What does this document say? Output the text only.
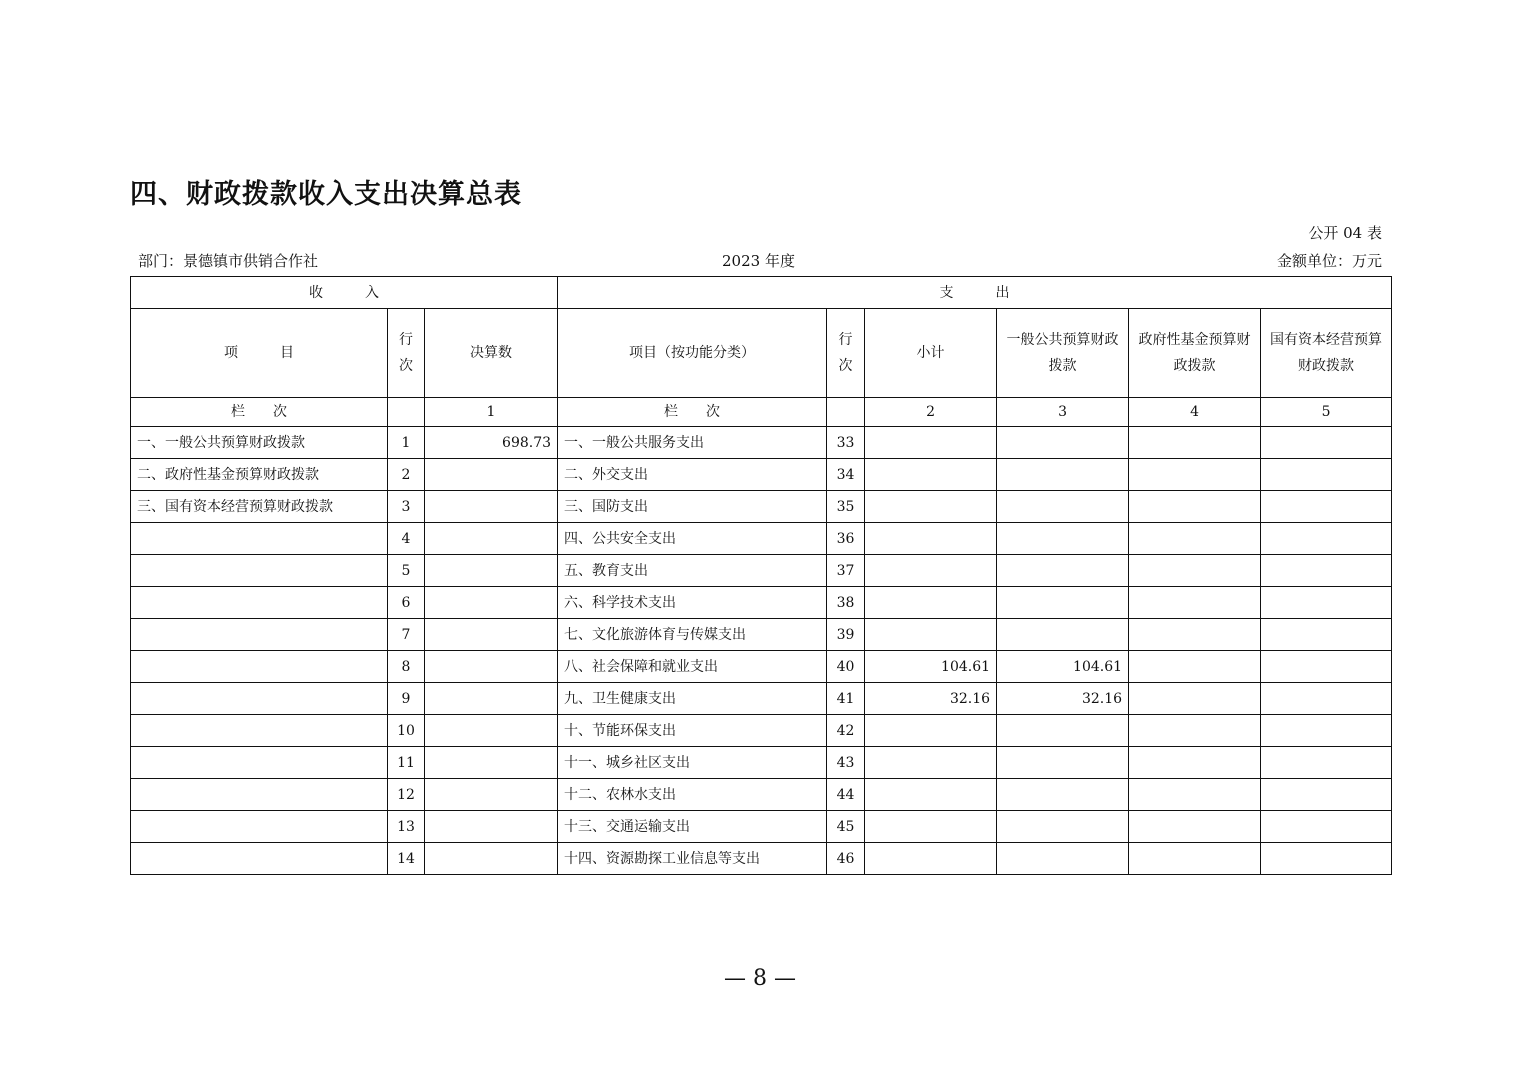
四、财政拨款收入支出决算总表
公开 04 表
部门：景德镇市供销合作社	2023 年度	金额单位：万元
收　　　入			支　　　出					
项　　　目	行次	决算数	项目（按功能分类）	行次	小计	一般公共预算财政拨款	政府性基金预算财政拨款	国有资本经营预算财政拨款
栏　　次		1	栏　　次		2	3	4	5
一、一般公共预算财政拨款	1	698.73	一、一般公共服务支出	33				
二、政府性基金预算财政拨款	2		二、外交支出	34				
三、国有资本经营预算财政拨款	3		三、国防支出	35				
	4		四、公共安全支出	36				
	5		五、教育支出	37				
	6		六、科学技术支出	38				
	7		七、文化旅游体育与传媒支出	39				
	8		八、社会保障和就业支出	40	104.61	104.61		
	9		九、卫生健康支出	41	32.16	32.16		
	10		十、节能环保支出	42				
	11		十一、城乡社区支出	43				
	12		十二、农林水支出	44				
	13		十三、交通运输支出	45				
	14		十四、资源勘探工业信息等支出	46				
— 8 —
